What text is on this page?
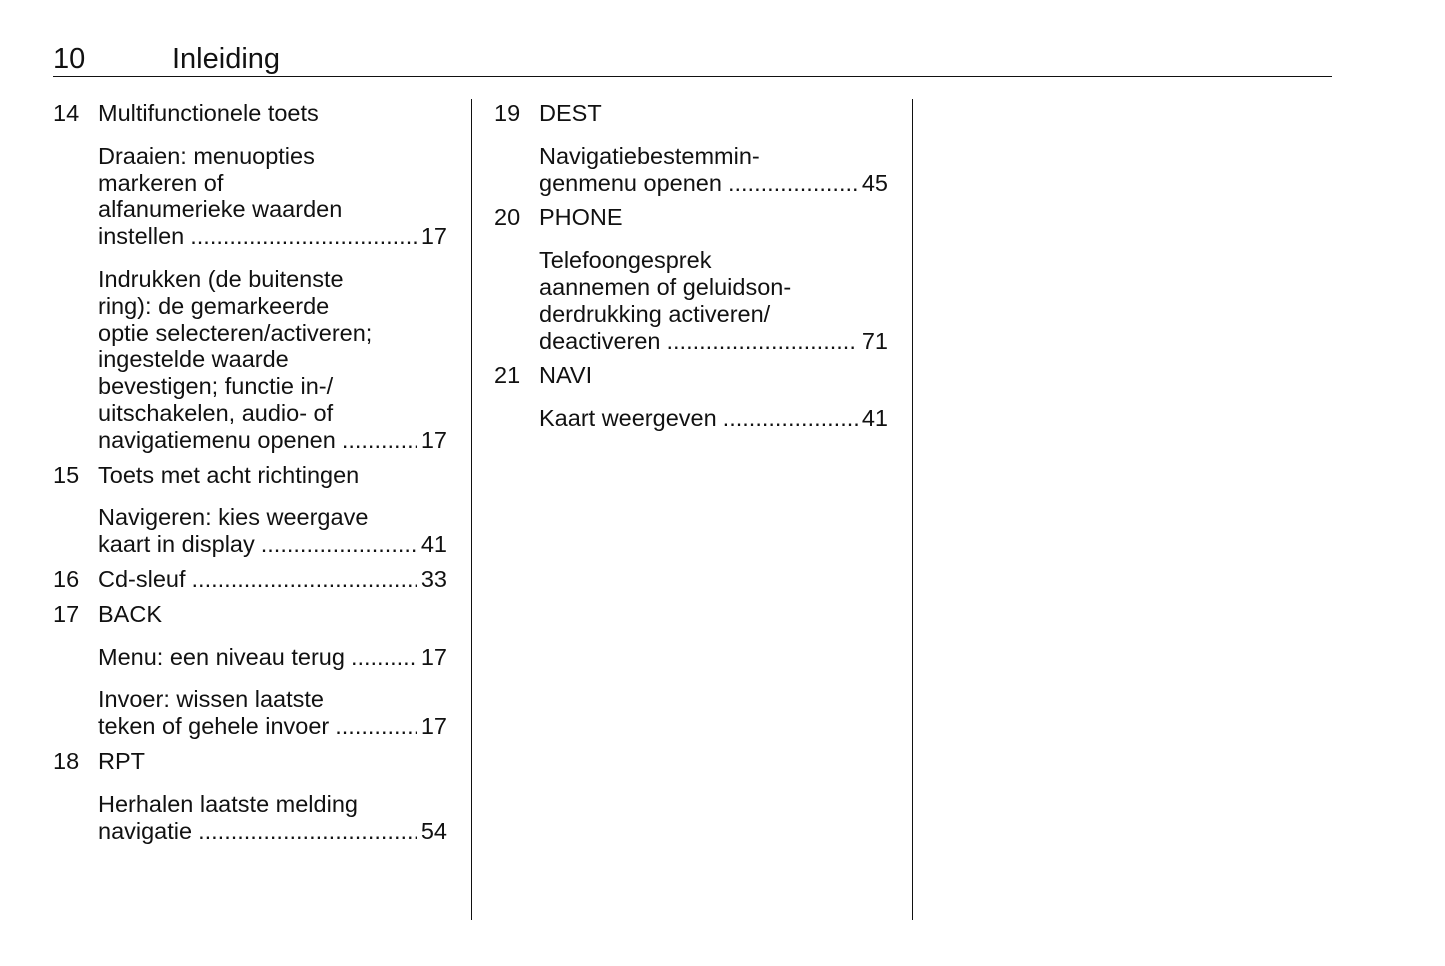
10	Inleiding
14 Multifunctionele toets
Draaien: menuopties
markeren of
alfanumerieke waarden
instellen .....	17
Indrukken (de buitenste
ring): de gemarkeerde
optie selecteren/activeren;
ingestelde waarde
bevestigen; functie in-/
uitschakelen, audio- of
navigatiemenu openen .....	17
15 Toets met acht richtingen
Navigeren: kies weergave
kaart in display .....	41
16 Cd-sleuf .....	33
17 BACK
Menu: een niveau terug .....	17
Invoer: wissen laatste
teken of gehele invoer .....	17
18 RPT
Herhalen laatste melding
navigatie .....	54
19 DEST
Navigatiebestemmin-
genmenu openen .....	45
20 PHONE
Telefoongesprek
aannemen of geluidson-
derdrukking activeren/
deactiveren .....	71
21 NAVI
Kaart weergeven .....	41
